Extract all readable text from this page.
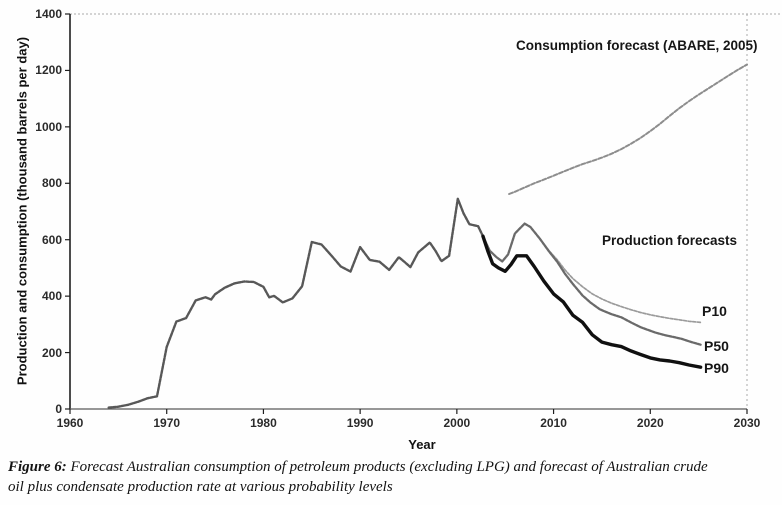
Production and consumption (thousand barrels per day)
Year
Consumption forecast (ABARE, 2005)
Production forecasts
P10
P50
P90
Figure 6: Forecast Australian consumption of petroleum products (excluding LPG) and forecast of Australian crude
oil plus condensate production rate at various probability levels
0
200
400
600
800
1000
1200
1400
1960	1970	1980	1990	2000	2010	2020	2030
